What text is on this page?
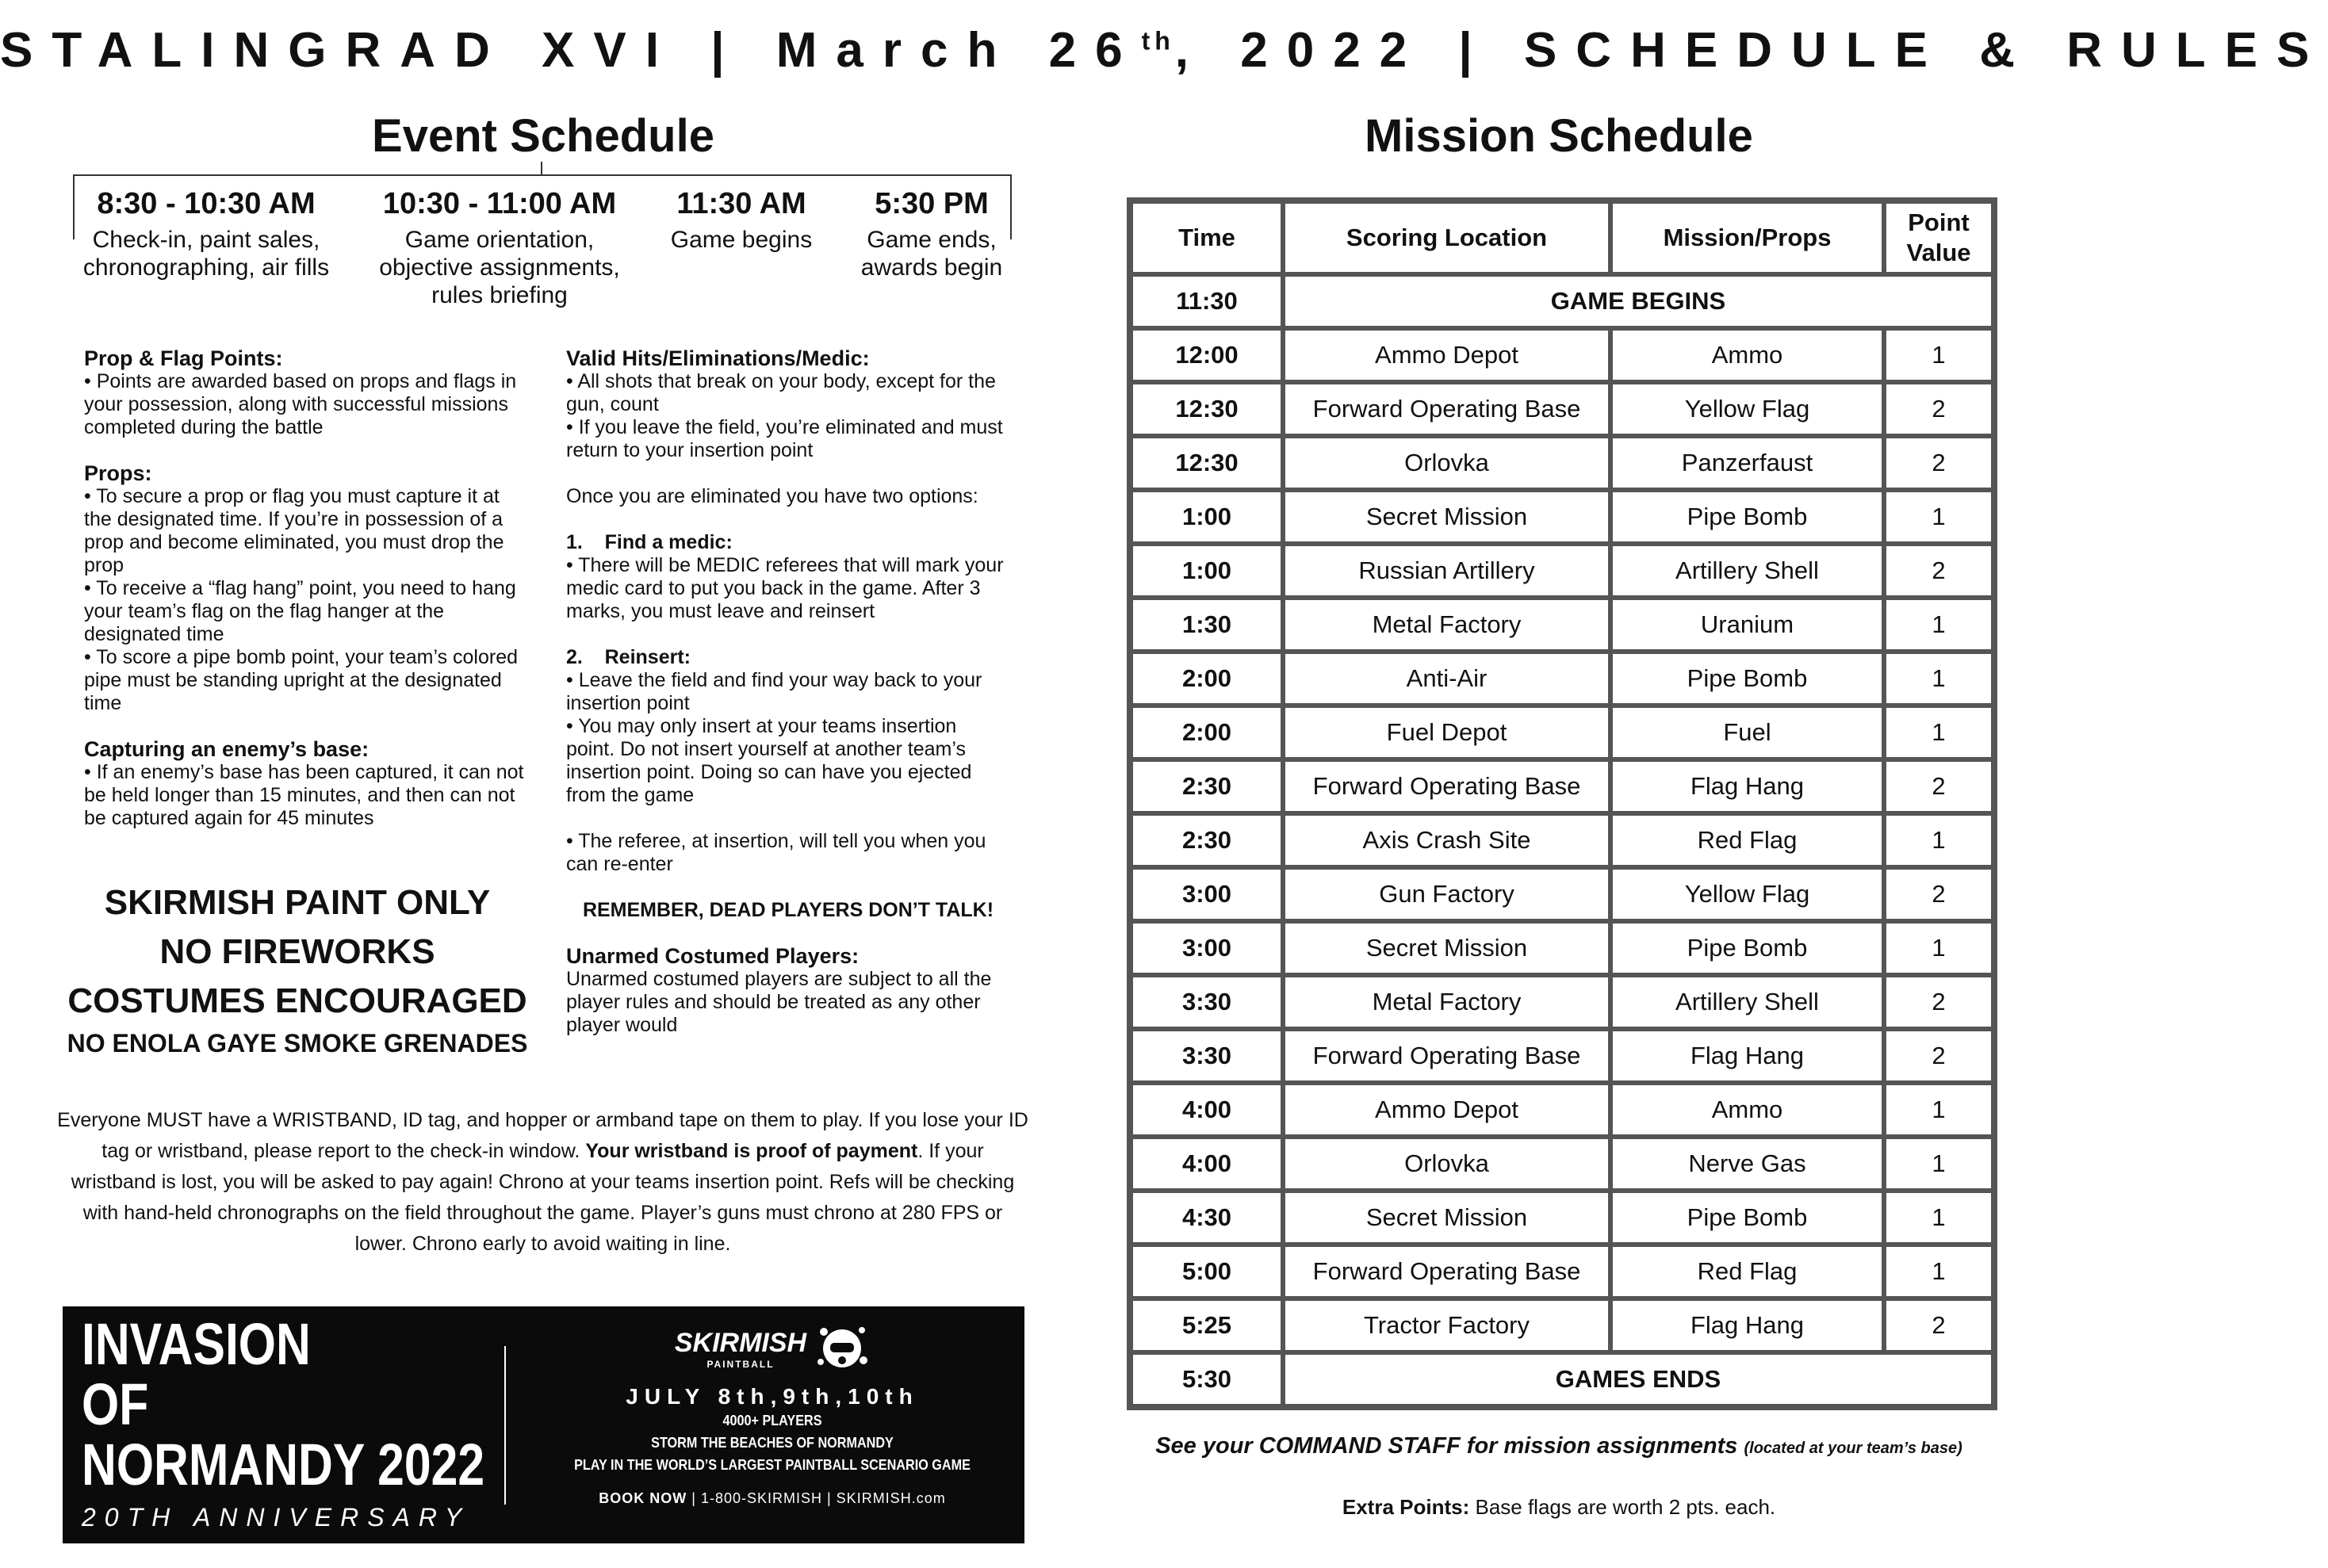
STALINGRAD XVI | March 26th, 2022 | SCHEDULE & RULES
Event Schedule
8:30 - 10:30 AM
Check-in, paint sales, chronographing, air fills
10:30 - 11:00 AM
Game orientation, objective assignments, rules briefing
11:30 AM
Game begins
5:30 PM
Game ends, awards begin

Prop & Flag Points:

• Points are awarded based on props and flags in your possession, along with successful missions completed during the battle

Props:

• To secure a prop or flag you must capture it at the designated time. If you’re in possession of a prop and become eliminated, you must drop the prop

• To receive a “flag hang” point, you need to hang your team’s flag on the flag hanger at the designated time

• To score a pipe bomb point, your team’s colored pipe must be standing upright at the designated time

Capturing an enemy’s base:

• If an enemy’s base has been captured, it can not be held longer than 15 minutes, and then can not be captured again for 45 minutes

Valid Hits/Eliminations/Medic:

• All shots that break on your body, except for the gun, count

• If you leave the field, you’re eliminated and must return to your insertion point

Once you are eliminated you have two options:

1.    Find a medic:

• There will be MEDIC referees that will mark your medic card to put you back in the game. After 3 marks, you must leave and reinsert

2.    Reinsert:

• Leave the field and find your way back to your insertion point

• You may only insert at your teams insertion point. Do not insert yourself at another team’s insertion point. Doing so can have you ejected from the game

• The referee, at insertion, will tell you when you can re-enter

REMEMBER, DEAD PLAYERS DON’T TALK!

Unarmed Costumed Players:

Unarmed costumed players are subject to all the player rules and should be treated as any other player would

SKIRMISH PAINT ONLY
NO FIREWORKS
COSTUMES ENCOURAGED
NO ENOLA GAYE SMOKE GRENADES
Everyone MUST have a WRISTBAND, ID tag, and hopper or armband tape on them to play. If you lose your ID tag or wristband, please report to the check-in window. Your wristband is proof of payment. If your wristband is lost, you will be asked to pay again! Chrono at your teams insertion point. Refs will be checking with hand-held chronographs on the field throughout the game. Player’s guns must chrono at 280 FPS or lower. Chrono early to avoid waiting in line.
INVASION
OF
NORMANDY 2022
20TH ANNIVERSARY
SKIRMISH
PAINTBALL
JULY 8th,9th,10th
4000+ PLAYERS
STORM THE BEACHES OF NORMANDY
PLAY IN THE WORLD’S LARGEST PAINTBALL SCENARIO GAME
BOOK NOW | 1-800-SKIRMISH | SKIRMISH.com
Mission Schedule
Time	Scoring Location	Mission/Props	Point Value
11:30	GAME BEGINS		
12:00	Ammo Depot	Ammo	1
12:30	Forward Operating Base	Yellow Flag	2
12:30	Orlovka	Panzerfaust	2
1:00	Secret Mission	Pipe Bomb	1
1:00	Russian Artillery	Artillery Shell	2
1:30	Metal Factory	Uranium	1
2:00	Anti-Air	Pipe Bomb	1
2:00	Fuel Depot	Fuel	1
2:30	Forward Operating Base	Flag Hang	2
2:30	Axis Crash Site	Red Flag	1
3:00	Gun Factory	Yellow Flag	2
3:00	Secret Mission	Pipe Bomb	1
3:30	Metal Factory	Artillery Shell	2
3:30	Forward Operating Base	Flag Hang	2
4:00	Ammo Depot	Ammo	1
4:00	Orlovka	Nerve Gas	1
4:30	Secret Mission	Pipe Bomb	1
5:00	Forward Operating Base	Red Flag	1
5:25	Tractor Factory	Flag Hang	2
5:30	GAMES ENDS		
See your COMMAND STAFF for mission assignments (located at your team’s base)
Extra Points: Base flags are worth 2 pts. each.
